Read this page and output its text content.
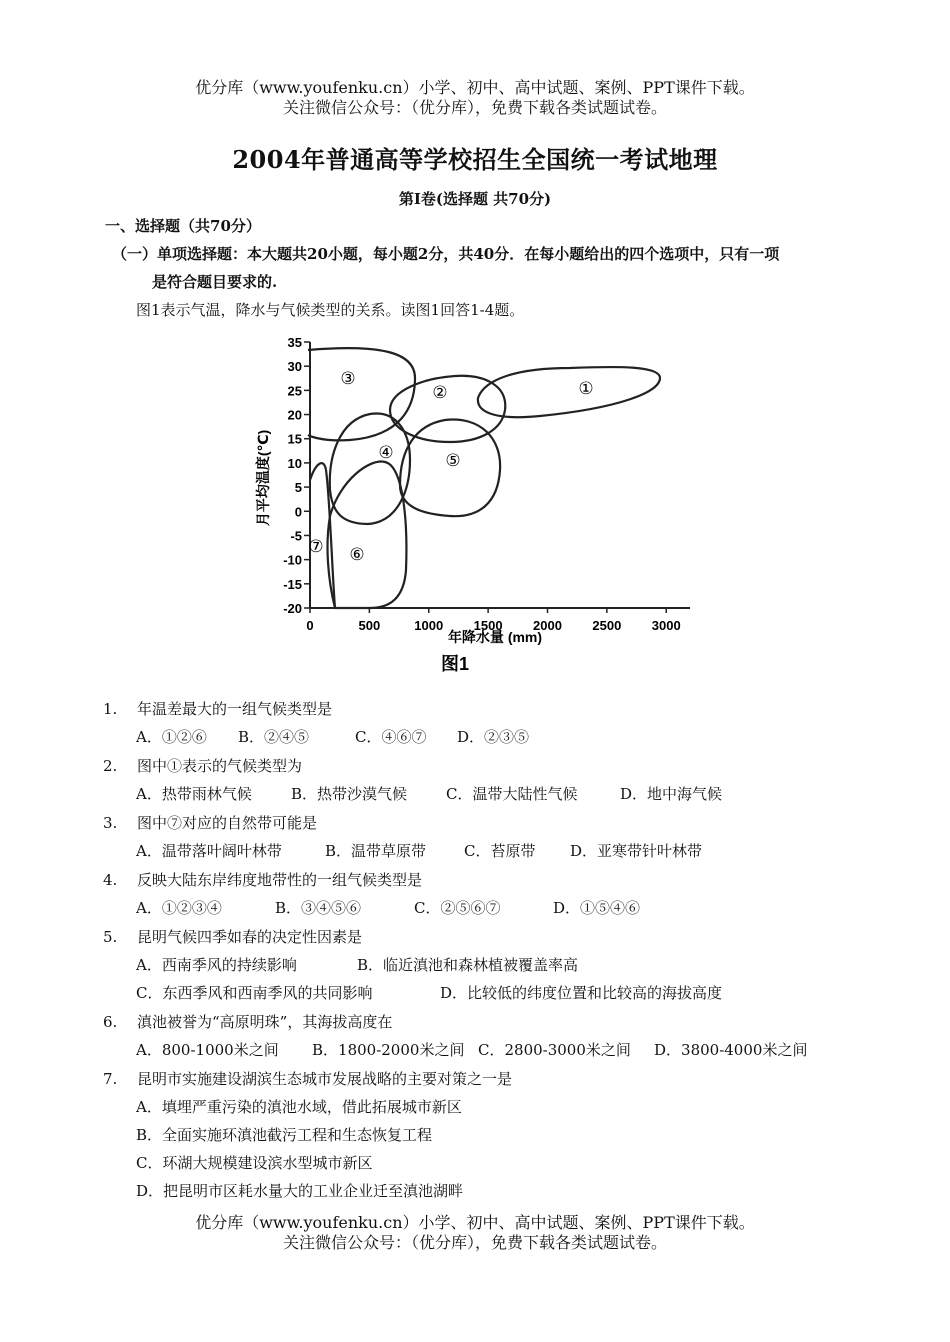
优分库（www.youfenku.cn）小学、初中、高中试题、案例、PPT课件下载。
关注微信公众号：（优分库），免费下载各类试题试卷。
2004年普通高等学校招生全国统一考试地理
第Ⅰ卷(选择题 共70分)
一、选择题（共70分）
（一）单项选择题：本大题共20小题，每小题2分，共40分．在每小题给出的四个选项中，只有一项
是符合题目要求的.
图1表示气温，降水与气候类型的关系。读图1回答1-4题。
35
30
25
20
15
10
5
0
-5
-10
-15
-20
0	500	1000 1500 2000 2500 3000
①
②
③
④	⑤
⑥
⑦
月平均温度(℃)
年降水量 (mm)
图1
1. 年温差最大的一组气候类型是
A．①②⑥ B．②④⑤	C．④⑥⑦ D．②③⑤
2. 图中①表示的气候类型为
A．热带雨林气候	B．热带沙漠气候	C．温带大陆性气候	D．地中海气候
3. 图中⑦对应的自然带可能是
A．温带落叶阔叶林带	B．温带草原带	C．苔原带 D．亚寒带针叶林带
4. 反映大陆东岸纬度地带性的一组气候类型是
A．①②③④	B．③④⑤⑥	C．②⑤⑥⑦	D．①⑤④⑥
5. 昆明气候四季如春的决定性因素是
A．西南季风的持续影响	B．临近滇池和森林植被覆盖率高
C．东西季风和西南季风的共同影响	D．比较低的纬度位置和比较高的海拔高度
6. 滇池被誉为“高原明珠”，其海拔高度在
A．800-1000米之间 B．1800-2000米之间 C．2800-3000米之间 D．3800-4000米之间
7. 昆明市实施建设湖滨生态城市发展战略的主要对策之一是
A．填埋严重污染的滇池水域，借此拓展城市新区
B．全面实施环滇池截污工程和生态恢复工程
C．环湖大规模建设滨水型城市新区
D．把昆明市区耗水量大的工业企业迁至滇池湖畔
优分库（www.youfenku.cn）小学、初中、高中试题、案例、PPT课件下载。
关注微信公众号：（优分库），免费下载各类试题试卷。
